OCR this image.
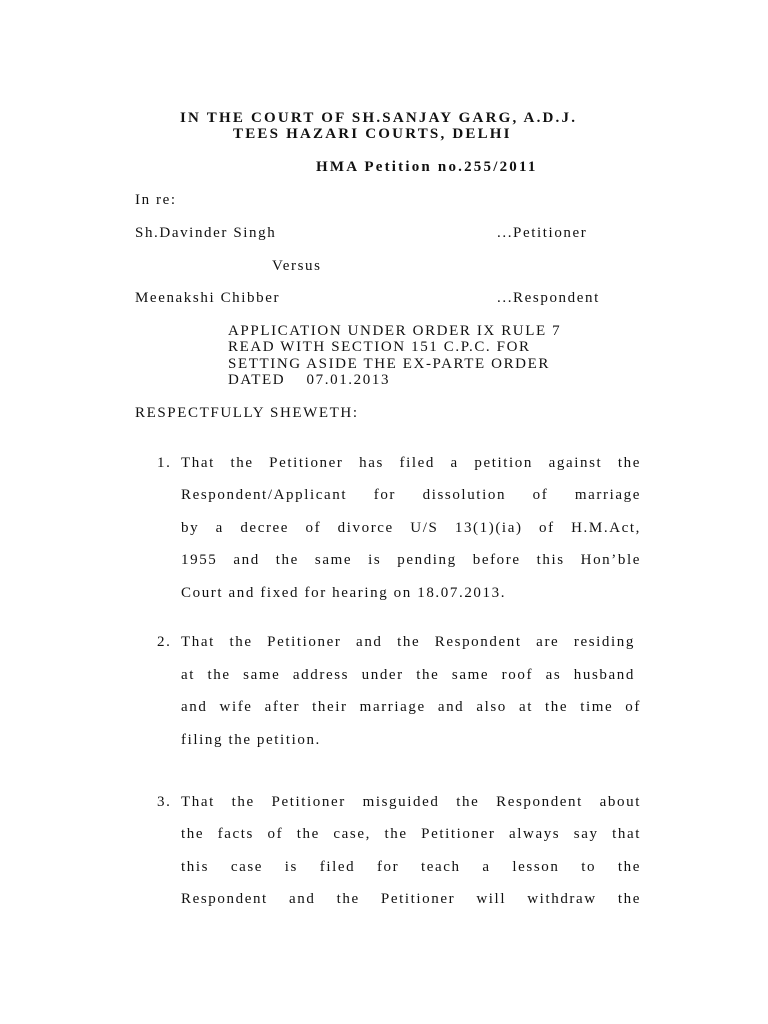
IN THE COURT OF SH.SANJAY GARG, A.D.J.
TEES HAZARI COURTS, DELHI
HMA Petition no.255/2011
In re:
Sh.Davinder Singh	...Petitioner
Versus
Meenakshi Chibber	...Respondent
APPLICATION UNDER ORDER IX RULE 7
READ WITH SECTION 151 C.P.C. FOR
SETTING ASIDE THE EX-PARTE ORDER
DATED    07.01.2013
RESPECTFULLY SHEWETH:
1. That the Petitioner has filed a petition against the
Respondent/Applicant for dissolution of marriage
by a decree of divorce U/S 13(1)(ia) of H.M.Act,
1955 and the same is pending before this Hon’ble
Court and fixed for hearing on 18.07.2013.
2. That the Petitioner and the Respondent are residing
at the same address under the same roof as husband
and wife after their marriage and also at the time of
filing the petition.
3. That the Petitioner misguided the Respondent about
the facts of the case, the Petitioner always say that
this case is filed for teach a lesson to the
Respondent and the Petitioner will withdraw the
